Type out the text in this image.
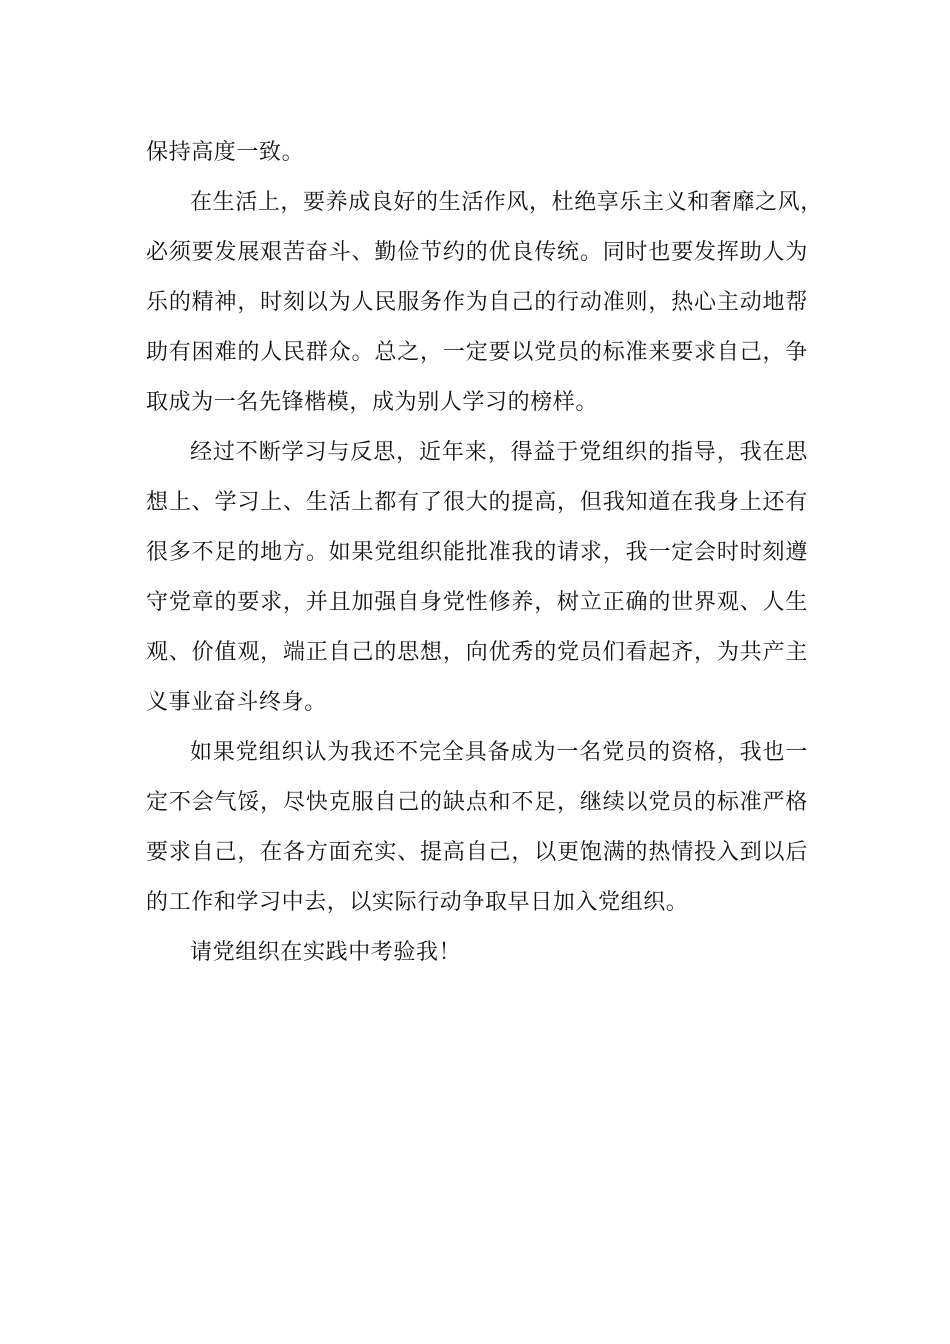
保持高度一致。
在生活上，要养成良好的生活作风，杜绝享乐主义和奢靡之风，
必须要发展艰苦奋斗、勤俭节约的优良传统。同时也要发挥助人为
乐的精神，时刻以为人民服务作为自己的行动准则，热心主动地帮
助有困难的人民群众。总之，一定要以党员的标准来要求自己，争
取成为一名先锋楷模，成为别人学习的榜样。
经过不断学习与反思，近年来，得益于党组织的指导，我在思
想上、学习上、生活上都有了很大的提高，但我知道在我身上还有
很多不足的地方。如果党组织能批准我的请求，我一定会时时刻遵
守党章的要求，并且加强自身党性修养，树立正确的世界观、人生
观、价值观，端正自己的思想，向优秀的党员们看起齐，为共产主
义事业奋斗终身。
如果党组织认为我还不完全具备成为一名党员的资格，我也一
定不会气馁，尽快克服自己的缺点和不足，继续以党员的标准严格
要求自己，在各方面充实、提高自己，以更饱满的热情投入到以后
的工作和学习中去，以实际行动争取早日加入党组织。
请党组织在实践中考验我！
